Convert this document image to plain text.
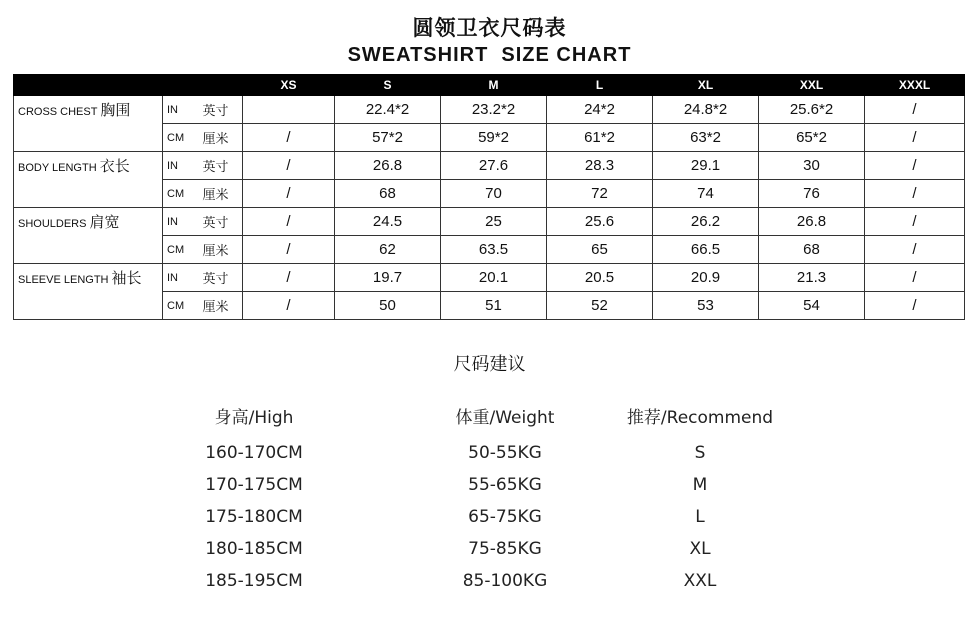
圆领卫衣尺码表
SWEATSHIRT  SIZE CHART
			XS	S	M	L	XL	XXL	XXXL
CROSS CHEST 胸围	IN	英寸		22.4*2	23.2*2	24*2	24.8*2	25.6*2	/
	CM	厘米	/	57*2	59*2	61*2	63*2	65*2	/
BODY LENGTH 衣长	IN	英寸	/	26.8	27.6	28.3	29.1	30	/
	CM	厘米	/	68	70	72	74	76	/
SHOULDERS 肩宽	IN	英寸	/	24.5	25	25.6	26.2	26.8	/
	CM	厘米	/	62	63.5	65	66.5	68	/
SLEEVE LENGTH 袖长	IN	英寸	/	19.7	20.1	20.5	20.9	21.3	/
	CM	厘米	/	50	51	52	53	54	/
尺码建议
身高/High	体重/Weight	推荐/Recommend
160-170CM	50-55KG	S
170-175CM	55-65KG	M
175-180CM	65-75KG	L
180-185CM	75-85KG	XL
185-195CM	85-100KG	XXL
